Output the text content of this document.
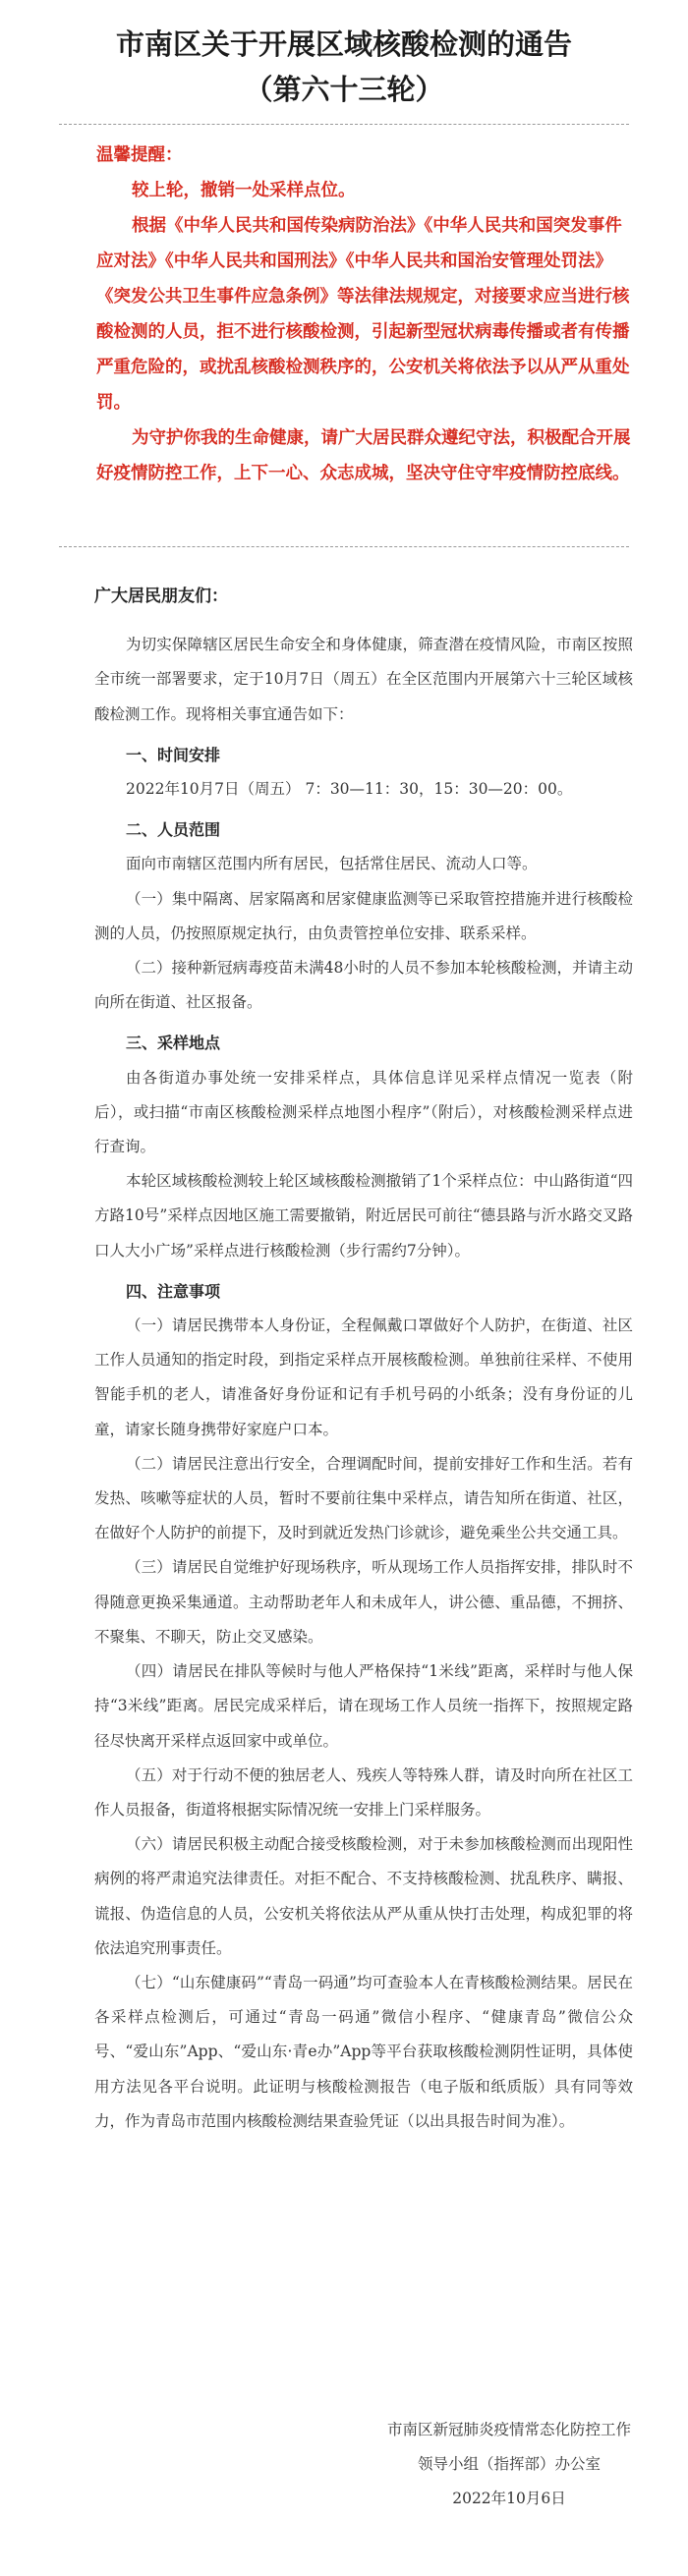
市南区关于开展区域核酸检测的通告
（第六十三轮）

温馨提醒：

较上轮，撤销一处采样点位。

根据《中华人民共和国传染病防治法》《中华人民共和国突发事件应对法》《中华人民共和国刑法》《中华人民共和国治安管理处罚法》《突发公共卫生事件应急条例》等法律法规规定，对接要求应当进行核酸检测的人员，拒不进行核酸检测，引起新型冠状病毒传播或者有传播严重危险的，或扰乱核酸检测秩序的，公安机关将依法予以从严从重处罚。

为守护你我的生命健康，请广大居民群众遵纪守法，积极配合开展好疫情防控工作，上下一心、众志成城，坚决守住守牢疫情防控底线。

广大居民朋友们：

为切实保障辖区居民生命安全和身体健康，筛查潜在疫情风险，市南区按照全市统一部署要求，定于10月7日（周五）在全区范围内开展第六十三轮区域核酸检测工作。现将相关事宜通告如下：

一、时间安排

2022年10月7日（周五） 7：30—11：30，15：30—20：00。

二、人员范围

面向市南辖区范围内所有居民，包括常住居民、流动人口等。

（一）集中隔离、居家隔离和居家健康监测等已采取管控措施并进行核酸检测的人员，仍按照原规定执行，由负责管控单位安排、联系采样。

（二）接种新冠病毒疫苗未满48小时的人员不参加本轮核酸检测，并请主动向所在街道、社区报备。

三、采样地点

由各街道办事处统一安排采样点，具体信息详见采样点情况一览表（附后），或扫描“市南区核酸检测采样点地图小程序”（附后），对核酸检测采样点进行查询。

本轮区域核酸检测较上轮区域核酸检测撤销了1个采样点位：中山路街道“四方路10号”采样点因地区施工需要撤销，附近居民可前往“德县路与沂水路交叉路口人大小广场”采样点进行核酸检测（步行需约7分钟）。

四、注意事项

（一）请居民携带本人身份证，全程佩戴口罩做好个人防护，在街道、社区工作人员通知的指定时段，到指定采样点开展核酸检测。单独前往采样、不使用智能手机的老人，请准备好身份证和记有手机号码的小纸条；没有身份证的儿童，请家长随身携带好家庭户口本。

（二）请居民注意出行安全，合理调配时间，提前安排好工作和生活。若有发热、咳嗽等症状的人员，暂时不要前往集中采样点，请告知所在街道、社区，在做好个人防护的前提下，及时到就近发热门诊就诊，避免乘坐公共交通工具。

（三）请居民自觉维护好现场秩序，听从现场工作人员指挥安排，排队时不得随意更换采集通道。主动帮助老年人和未成年人，讲公德、重品德，不拥挤、不聚集、不聊天，防止交叉感染。

（四）请居民在排队等候时与他人严格保持“1米线”距离，采样时与他人保持“3米线”距离。居民完成采样后，请在现场工作人员统一指挥下，按照规定路径尽快离开采样点返回家中或单位。

（五）对于行动不便的独居老人、残疾人等特殊人群，请及时向所在社区工作人员报备，街道将根据实际情况统一安排上门采样服务。

（六）请居民积极主动配合接受核酸检测，对于未参加核酸检测而出现阳性病例的将严肃追究法律责任。对拒不配合、不支持核酸检测、扰乱秩序、瞒报、谎报、伪造信息的人员，公安机关将依法从严从重从快打击处理，构成犯罪的将依法追究刑事责任。

（七）“山东健康码”“青岛一码通”均可查验本人在青核酸检测结果。居民在各采样点检测后，可通过“青岛一码通”微信小程序、“健康青岛”微信公众号、“爱山东”App、“爱山东·青e办”App等平台获取核酸检测阴性证明，具体使用方法见各平台说明。此证明与核酸检测报告（电子版和纸质版）具有同等效力，作为青岛市范围内核酸检测结果查验凭证（以出具报告时间为准）。

市南区新冠肺炎疫情常态化防控工作

领导小组（指挥部）办公室

2022年10月6日
